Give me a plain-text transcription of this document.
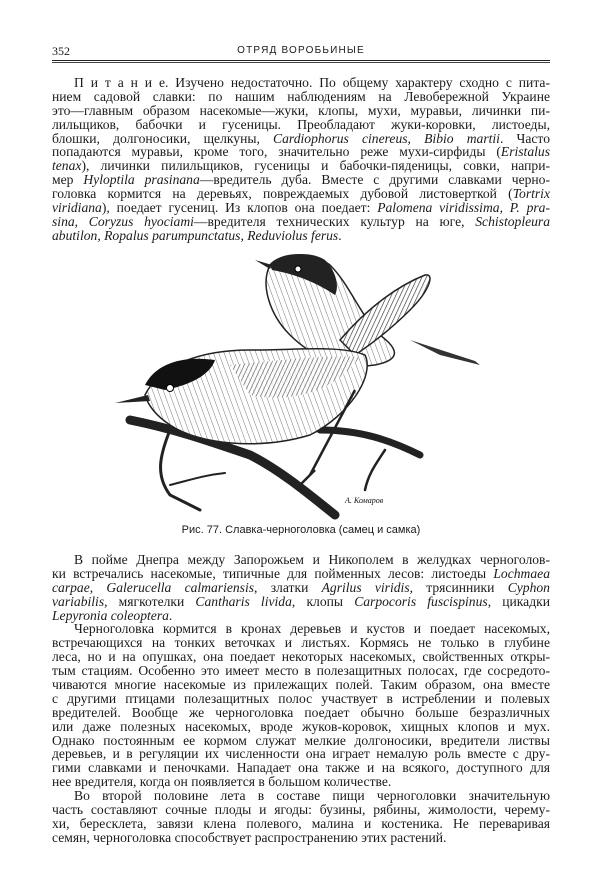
352	ОТРЯД ВОРОБЬИНЫЕ
П и т а н и е. Изучено недостаточно. По общему характеру сходно с пита-
нием садовой славки: по нашим наблюдениям на Левобережной Украине
это—главным образом насекомые—жуки, клопы, мухи, муравьи, личинки пи-
лильщиков, бабочки и гусеницы. Преобладают жуки-коровки, листоеды,
блошки, долгоносики, щелкуны, Cardiophorus cinereus, Bibio martii. Часто
попадаются муравьи, кроме того, значительно реже мухи-сирфиды (Eristalus
tenax), личинки пилильщиков, гусеницы и бабочки-пяденицы, совки, напри-
мер Hyloptila prasinana—вредитель дуба. Вместе с другими славками черно-
головка кормится на деревьях, повреждаемых дубовой листоверткой (Tortrix
viridiana), поедает гусениц. Из клопов она поедает: Palomena viridissima, P. pra-
sina, Coryzus hyociami—вредителя технических культур на юге, Schistopleura
abutilon, Ropalus parumpunctatus, Reduviolus ferus.
А. Комаров
Рис. 77. Славка-черноголовка (самец и самка)
В пойме Днепра между Запорожьем и Никополем в желудках черноголов-
ки встречались насекомые, типичные для пойменных лесов: листоеды Lochmaea
carpae, Galerucella calmariensis, златки Agrilus viridis, трясинники Cyphon
variabilis, мягкотелки Cantharis livida, клопы Carpocoris fuscispinus, цикадки
Lepyronia coleoptera.
Черноголовка кормится в кронах деревьев и кустов и поедает насекомых,
встречающихся на тонких веточках и листьях. Кормясь не только в глубине
леса, но и на опушках, она поедает некоторых насекомых, свойственных откры-
тым стациям. Особенно это имеет место в полезащитных полосах, где сосредото-
чиваются многие насекомые из прилежащих полей. Таким образом, она вместе
с другими птицами полезащитных полос участвует в истреблении и полевых
вредителей. Вообще же черноголовка поедает обычно больше безразличных
или даже полезных насекомых, вроде жуков-коровок, хищных клопов и мух.
Однако постоянным ее кормом служат мелкие долгоносики, вредители листвы
деревьев, и в регуляции их численности она играет немалую роль вместе с дру-
гими славками и пеночками. Нападает она также и на всякого, доступного для
нее вредителя, когда он появляется в большом количестве.
Во второй половине лета в составе пищи черноголовки значительную
часть составляют сочные плоды и ягоды: бузины, рябины, жимолости, черему-
хи, бересклета, завязи клена полевого, малина и костеника. Не переваривая
семян, черноголовка способствует распространению этих растений.
